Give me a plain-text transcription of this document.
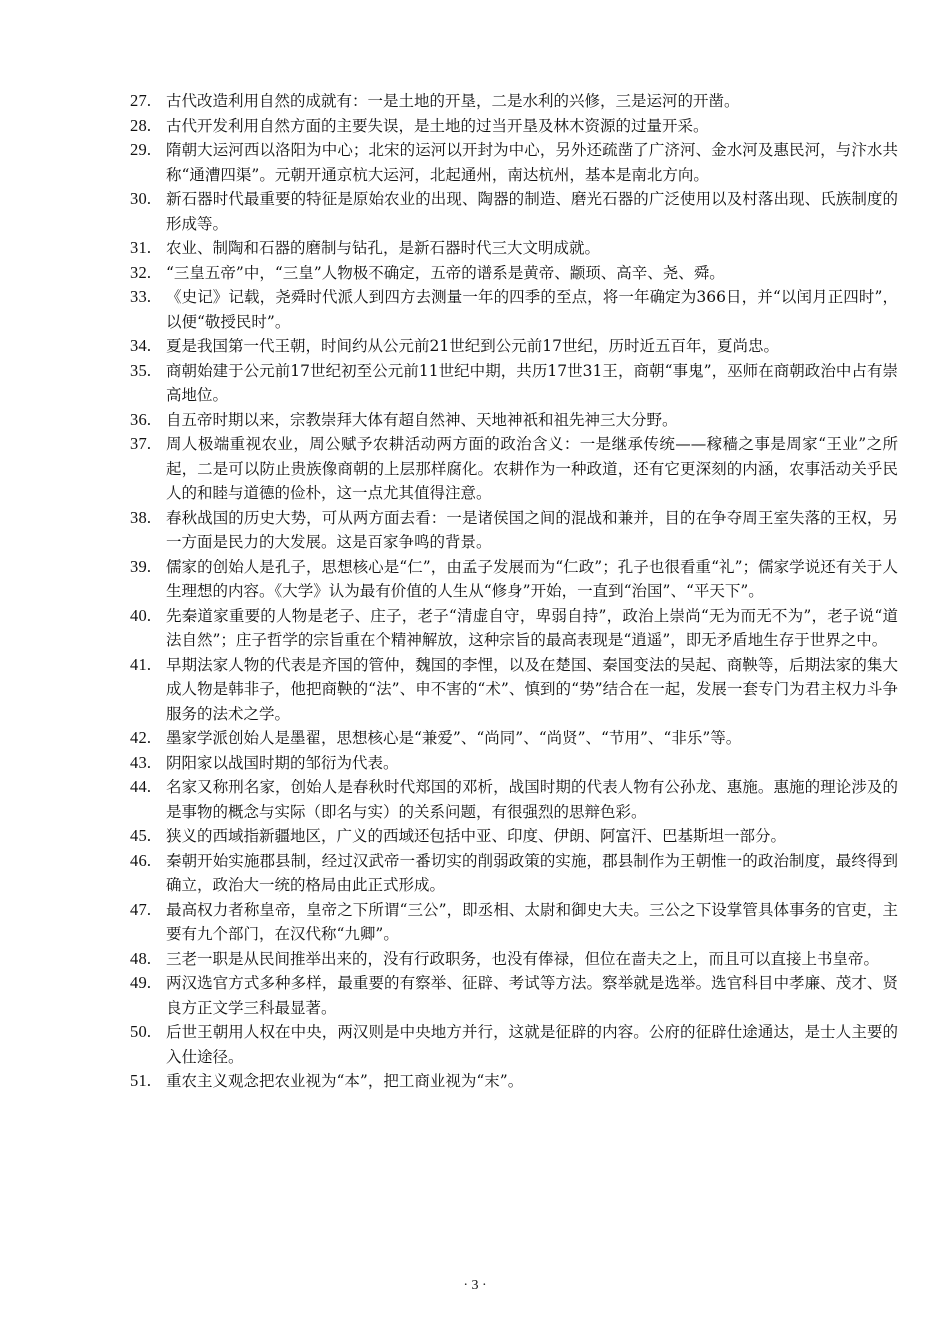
27. 古代改造利用自然的成就有：一是土地的开垦，二是水利的兴修，三是运河的开凿。
28. 古代开发利用自然方面的主要失误，是土地的过当开垦及林木资源的过量开采。
29. 隋朝大运河西以洛阳为中心；北宋的运河以开封为中心，另外还疏凿了广济河、金水河及惠民河，与汴水共称“通漕四渠”。元朝开通京杭大运河，北起通州，南达杭州，基本是南北方向。
30. 新石器时代最重要的特征是原始农业的出现、陶器的制造、磨光石器的广泛使用以及村落出现、氏族制度的形成等。
31. 农业、制陶和石器的磨制与钻孔，是新石器时代三大文明成就。
32. “三皇五帝”中，“三皇”人物极不确定，五帝的谱系是黄帝、颛顼、高辛、尧、舜。
33. 《史记》记载，尧舜时代派人到四方去测量一年的四季的至点，将一年确定为366日，并“以闰月正四时”，以便“敬授民时”。
34. 夏是我国第一代王朝，时间约从公元前21世纪到公元前17世纪，历时近五百年，夏尚忠。
35. 商朝始建于公元前17世纪初至公元前11世纪中期，共历17世31王，商朝“事鬼”，巫师在商朝政治中占有崇高地位。
36. 自五帝时期以来，宗教崇拜大体有超自然神、天地神祇和祖先神三大分野。
37. 周人极端重视农业，周公赋予农耕活动两方面的政治含义：一是继承传统——稼穑之事是周家“王业”之所起，二是可以防止贵族像商朝的上层那样腐化。农耕作为一种政道，还有它更深刻的内涵，农事活动关乎民人的和睦与道德的俭朴，这一点尤其值得注意。
38. 春秋战国的历史大势，可从两方面去看：一是诸侯国之间的混战和兼并，目的在争夺周王室失落的王权，另一方面是民力的大发展。这是百家争鸣的背景。
39. 儒家的创始人是孔子，思想核心是“仁”，由孟子发展而为“仁政”；孔子也很看重“礼”；儒家学说还有关于人生理想的内容。《大学》认为最有价值的人生从“修身”开始，一直到“治国”、“平天下”。
40. 先秦道家重要的人物是老子、庄子，老子“清虚自守，卑弱自持”，政治上崇尚“无为而无不为”，老子说“道法自然”；庄子哲学的宗旨重在个精神解放，这种宗旨的最高表现是“逍遥”，即无矛盾地生存于世界之中。
41. 早期法家人物的代表是齐国的管仲，魏国的李悝，以及在楚国、秦国变法的吴起、商鞅等，后期法家的集大成人物是韩非子，他把商鞅的“法”、申不害的“术”、慎到的“势”结合在一起，发展一套专门为君主权力斗争服务的法术之学。
42. 墨家学派创始人是墨翟，思想核心是“兼爱”、“尚同”、“尚贤”、“节用”、“非乐”等。
43. 阴阳家以战国时期的邹衍为代表。
44. 名家又称刑名家，创始人是春秋时代郑国的邓析，战国时期的代表人物有公孙龙、惠施。惠施的理论涉及的是事物的概念与实际（即名与实）的关系问题，有很强烈的思辩色彩。
45. 狭义的西域指新疆地区，广义的西域还包括中亚、印度、伊朗、阿富汗、巴基斯坦一部分。
46. 秦朝开始实施郡县制，经过汉武帝一番切实的削弱政策的实施，郡县制作为王朝惟一的政治制度，最终得到确立，政治大一统的格局由此正式形成。
47. 最高权力者称皇帝，皇帝之下所谓“三公”，即丞相、太尉和御史大夫。三公之下设掌管具体事务的官吏，主要有九个部门，在汉代称“九卿”。
48. 三老一职是从民间推举出来的，没有行政职务，也没有俸禄，但位在啬夫之上，而且可以直接上书皇帝。
49. 两汉选官方式多种多样，最重要的有察举、征辟、考试等方法。察举就是选举。选官科目中孝廉、茂才、贤良方正文学三科最显著。
50. 后世王朝用人权在中央，两汉则是中央地方并行，这就是征辟的内容。公府的征辟仕途通达，是士人主要的入仕途径。
51. 重农主义观念把农业视为“本”，把工商业视为“末”。
· 3 ·
